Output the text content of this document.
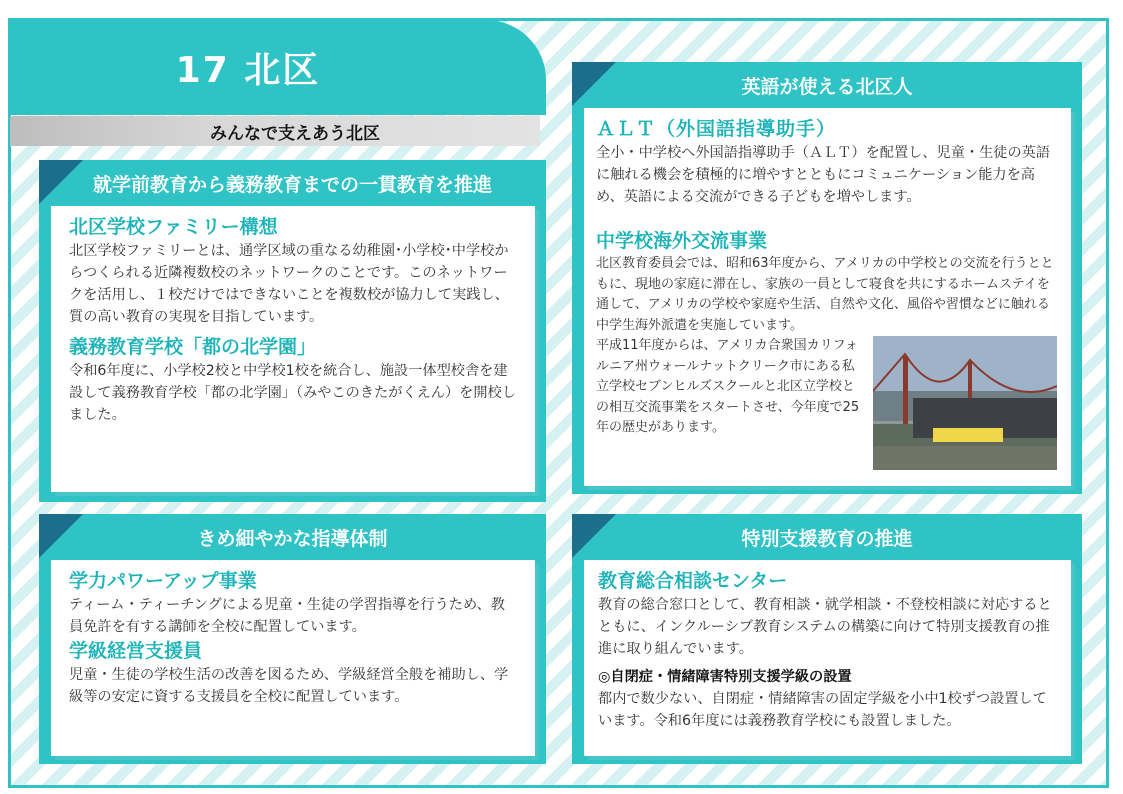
17 北区
みんなで支えあう北区
就学前教育から義務教育までの一貫教育を推進
北区学校ファミリー構想

北区学校ファミリーとは、通学区域の重なる幼稚園･小学校･中学校からつくられる近隣複数校のネットワークのことです。このネットワークを活用し、１校だけではできないことを複数校が協力して実践し、質の高い教育の実現を目指しています。

義務教育学校「都の北学園」

令和6年度に、小学校2校と中学校1校を統合し、施設一体型校舎を建設して義務教育学校「都の北学園」（みやこのきたがくえん）を開校しました。

英語が使える北区人
ＡＬＴ（外国語指導助手）

全小・中学校へ外国語指導助手（ＡＬＴ）を配置し、児童・生徒の英語に触れる機会を積極的に増やすとともにコミュニケーション能力を高め、英語による交流ができる子どもを増やします。

中学校海外交流事業

北区教育委員会では、昭和63年度から、アメリカの中学校との交流を行うとともに、現地の家庭に滞在し、家族の一員として寝食を共にするホームステイを通して、アメリカの学校や家庭や生活、自然や文化、風俗や習慣などに触れる中学生海外派遣を実施しています。

平成11年度からは、アメリカ合衆国カリフォルニア州ウォールナットクリーク市にある私立学校セブンヒルズスクールと北区立学校との相互交流事業をスタートさせ、今年度で25年の歴史があります。

きめ細やかな指導体制
学力パワーアップ事業

ティーム・ティーチングによる児童・生徒の学習指導を行うため、教員免許を有する講師を全校に配置しています。

学級経営支援員

児童・生徒の学校生活の改善を図るため、学級経営全般を補助し、学級等の安定に資する支援員を全校に配置しています。

特別支援教育の推進
教育総合相談センター

教育の総合窓口として、教育相談・就学相談・不登校相談に対応するとともに、インクルーシブ教育システムの構築に向けて特別支援教育の推進に取り組んでいます。

◎自閉症・情緒障害特別支援学級の設置

都内で数少ない、自閉症・情緒障害の固定学級を小中1校ずつ設置しています。令和6年度には義務教育学校にも設置しました。
